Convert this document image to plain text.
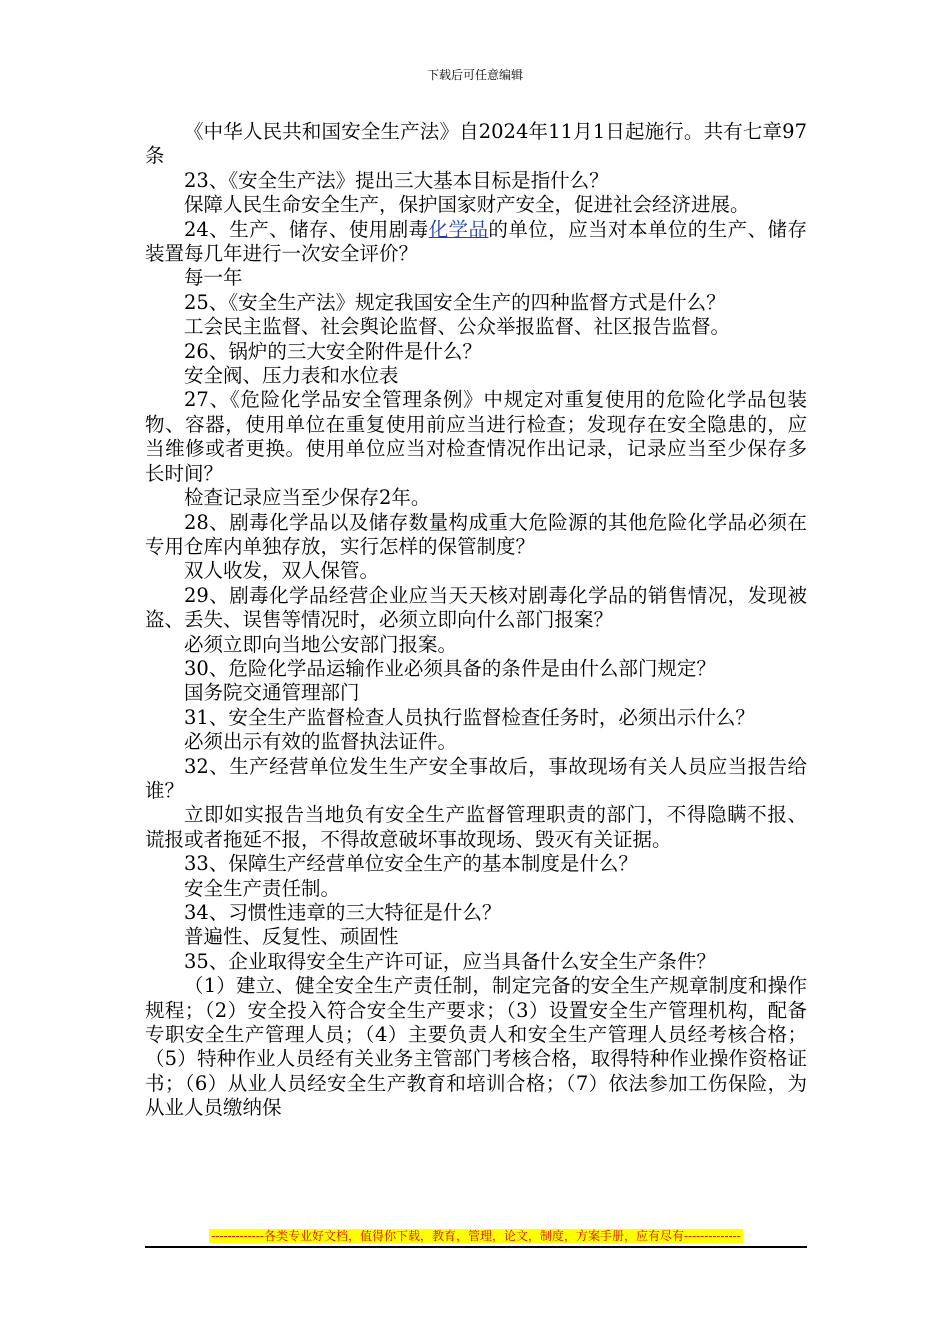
下载后可任意编辑

《中华人民共和国安全生产法》自2024年11月1日起施行。共有七章97条

23、《安全生产法》提出三大基本目标是指什么？

保障人民生命安全生产，保护国家财产安全，促进社会经济进展。

24、生产、储存、使用剧毒化学品的单位，应当对本单位的生产、储存装置每几年进行一次安全评价？

每一年

25、《安全生产法》规定我国安全生产的四种监督方式是什么？

工会民主监督、社会舆论监督、公众举报监督、社区报告监督。

26、锅炉的三大安全附件是什么？

安全阀、压力表和水位表

27、《危险化学品安全管理条例》中规定对重复使用的危险化学品包装物、容器，使用单位在重复使用前应当进行检查；发现存在安全隐患的，应当维修或者更换。使用单位应当对检查情况作出记录，记录应当至少保存多长时间？

检查记录应当至少保存2年。

28、剧毒化学品以及储存数量构成重大危险源的其他危险化学品必须在专用仓库内单独存放，实行怎样的保管制度？

双人收发，双人保管。

29、剧毒化学品经营企业应当天天核对剧毒化学品的销售情况，发现被盗、丢失、误售等情况时，必须立即向什么部门报案？

必须立即向当地公安部门报案。

30、危险化学品运输作业必须具备的条件是由什么部门规定？

国务院交通管理部门

31、安全生产监督检查人员执行监督检查任务时，必须出示什么？

必须出示有效的监督执法证件。

32、生产经营单位发生生产安全事故后，事故现场有关人员应当报告给谁？

立即如实报告当地负有安全生产监督管理职责的部门，不得隐瞒不报、谎报或者拖延不报，不得故意破坏事故现场、毁灭有关证据。

33、保障生产经营单位安全生产的基本制度是什么？

安全生产责任制。

34、习惯性违章的三大特征是什么？

普遍性、反复性、顽固性

35、企业取得安全生产许可证，应当具备什么安全生产条件？

（1）建立、健全安全生产责任制，制定完备的安全生产规章制度和操作规程；（2）安全投入符合安全生产要求；（3）设置安全生产管理机构，配备专职安全生产管理人员；（4）主要负责人和安全生产管理人员经考核合格；（5）特种作业人员经有关业务主管部门考核合格，取得特种作业操作资格证书；（6）从业人员经安全生产教育和培训合格；（7）依法参加工伤保险，为从业人员缴纳保

-------------各类专业好文档，值得你下载，教育，管理，论文，制度，方案手册，应有尽有--------------
